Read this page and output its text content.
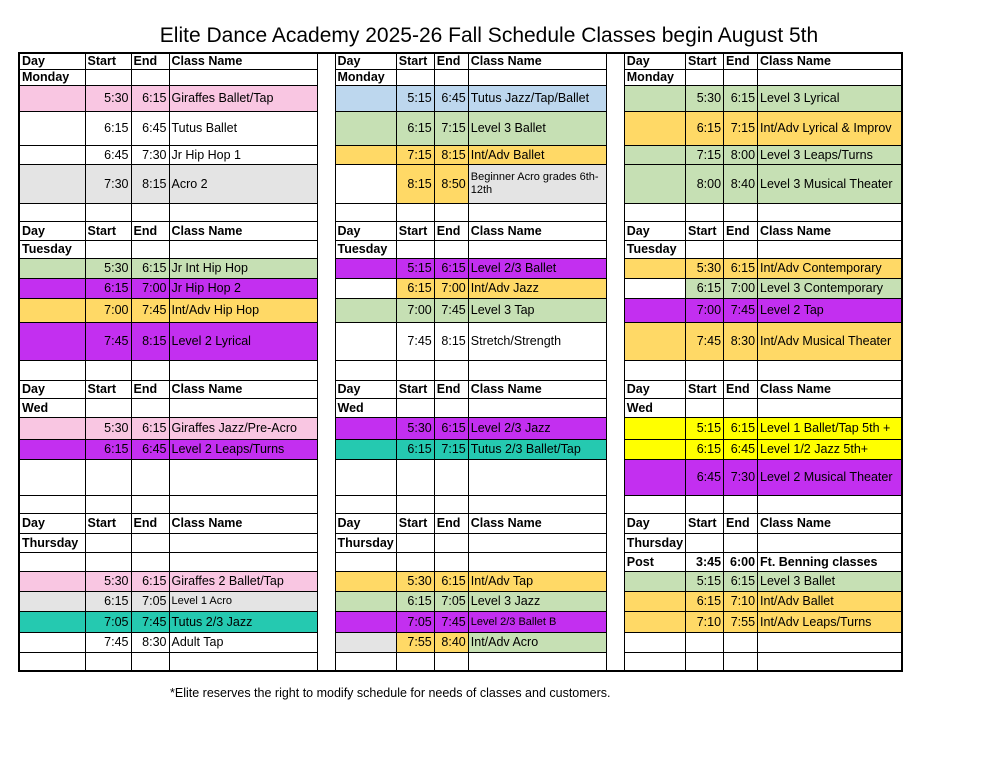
Elite Dance Academy 2025-26 Fall Schedule Classes begin August 5th
Day	Start	End	Class Name		Day	Start	End	Class Name		Day	Start	End	Class Name
Monday					Monday					Monday			
	5:30	6:15	Giraffes Ballet/Tap			5:15	6:45	Tutus Jazz/Tap/Ballet			5:30	6:15	Level 3 Lyrical
	6:15	6:45	Tutus Ballet			6:15	7:15	Level 3 Ballet			6:15	7:15	Int/Adv Lyrical & Improv
	6:45	7:30	Jr Hip Hop 1			7:15	8:15	Int/Adv Ballet			7:15	8:00	Level 3 Leaps/Turns
	7:30	8:15	Acro 2			8:15	8:50	Beginner Acro grades 6th-12th			8:00	8:40	Level 3 Musical Theater

Day	Start	End	Class Name		Day	Start	End	Class Name		Day	Start	End	Class Name
Tuesday					Tuesday					Tuesday			
	5:30	6:15	Jr Int Hip Hop			5:15	6:15	Level 2/3 Ballet			5:30	6:15	Int/Adv Contemporary
	6:15	7:00	Jr Hip Hop 2			6:15	7:00	Int/Adv Jazz			6:15	7:00	Level 3 Contemporary
	7:00	7:45	Int/Adv Hip Hop			7:00	7:45	Level 3 Tap			7:00	7:45	Level 2 Tap
	7:45	8:15	Level 2 Lyrical			7:45	8:15	Stretch/Strength			7:45	8:30	Int/Adv Musical Theater

Day	Start	End	Class Name		Day	Start	End	Class Name		Day	Start	End	Class Name
Wed					Wed					Wed			
	5:30	6:15	Giraffes Jazz/Pre-Acro			5:30	6:15	Level 2/3 Jazz			5:15	6:15	Level 1 Ballet/Tap 5th +
	6:15	6:45	Level 2 Leaps/Turns			6:15	7:15	Tutus 2/3 Ballet/Tap			6:15	6:45	Level 1/2 Jazz 5th+
											6:45	7:30	Level 2 Musical Theater

Day	Start	End	Class Name		Day	Start	End	Class Name		Day	Start	End	Class Name
Thursday					Thursday					Thursday			
										Post	3:45	6:00	Ft. Benning classes
	5:30	6:15	Giraffes 2 Ballet/Tap			5:30	6:15	Int/Adv Tap			5:15	6:15	Level 3 Ballet
	6:15	7:05	Level 1 Acro			6:15	7:05	Level 3 Jazz			6:15	7:10	Int/Adv Ballet
	7:05	7:45	Tutus 2/3 Jazz			7:05	7:45	Level 2/3 Ballet B			7:10	7:55	Int/Adv Leaps/Turns
	7:45	8:30	Adult Tap			7:55	8:40	Int/Adv Acro					

*Elite reserves the right to modify schedule for needs of classes and customers.
